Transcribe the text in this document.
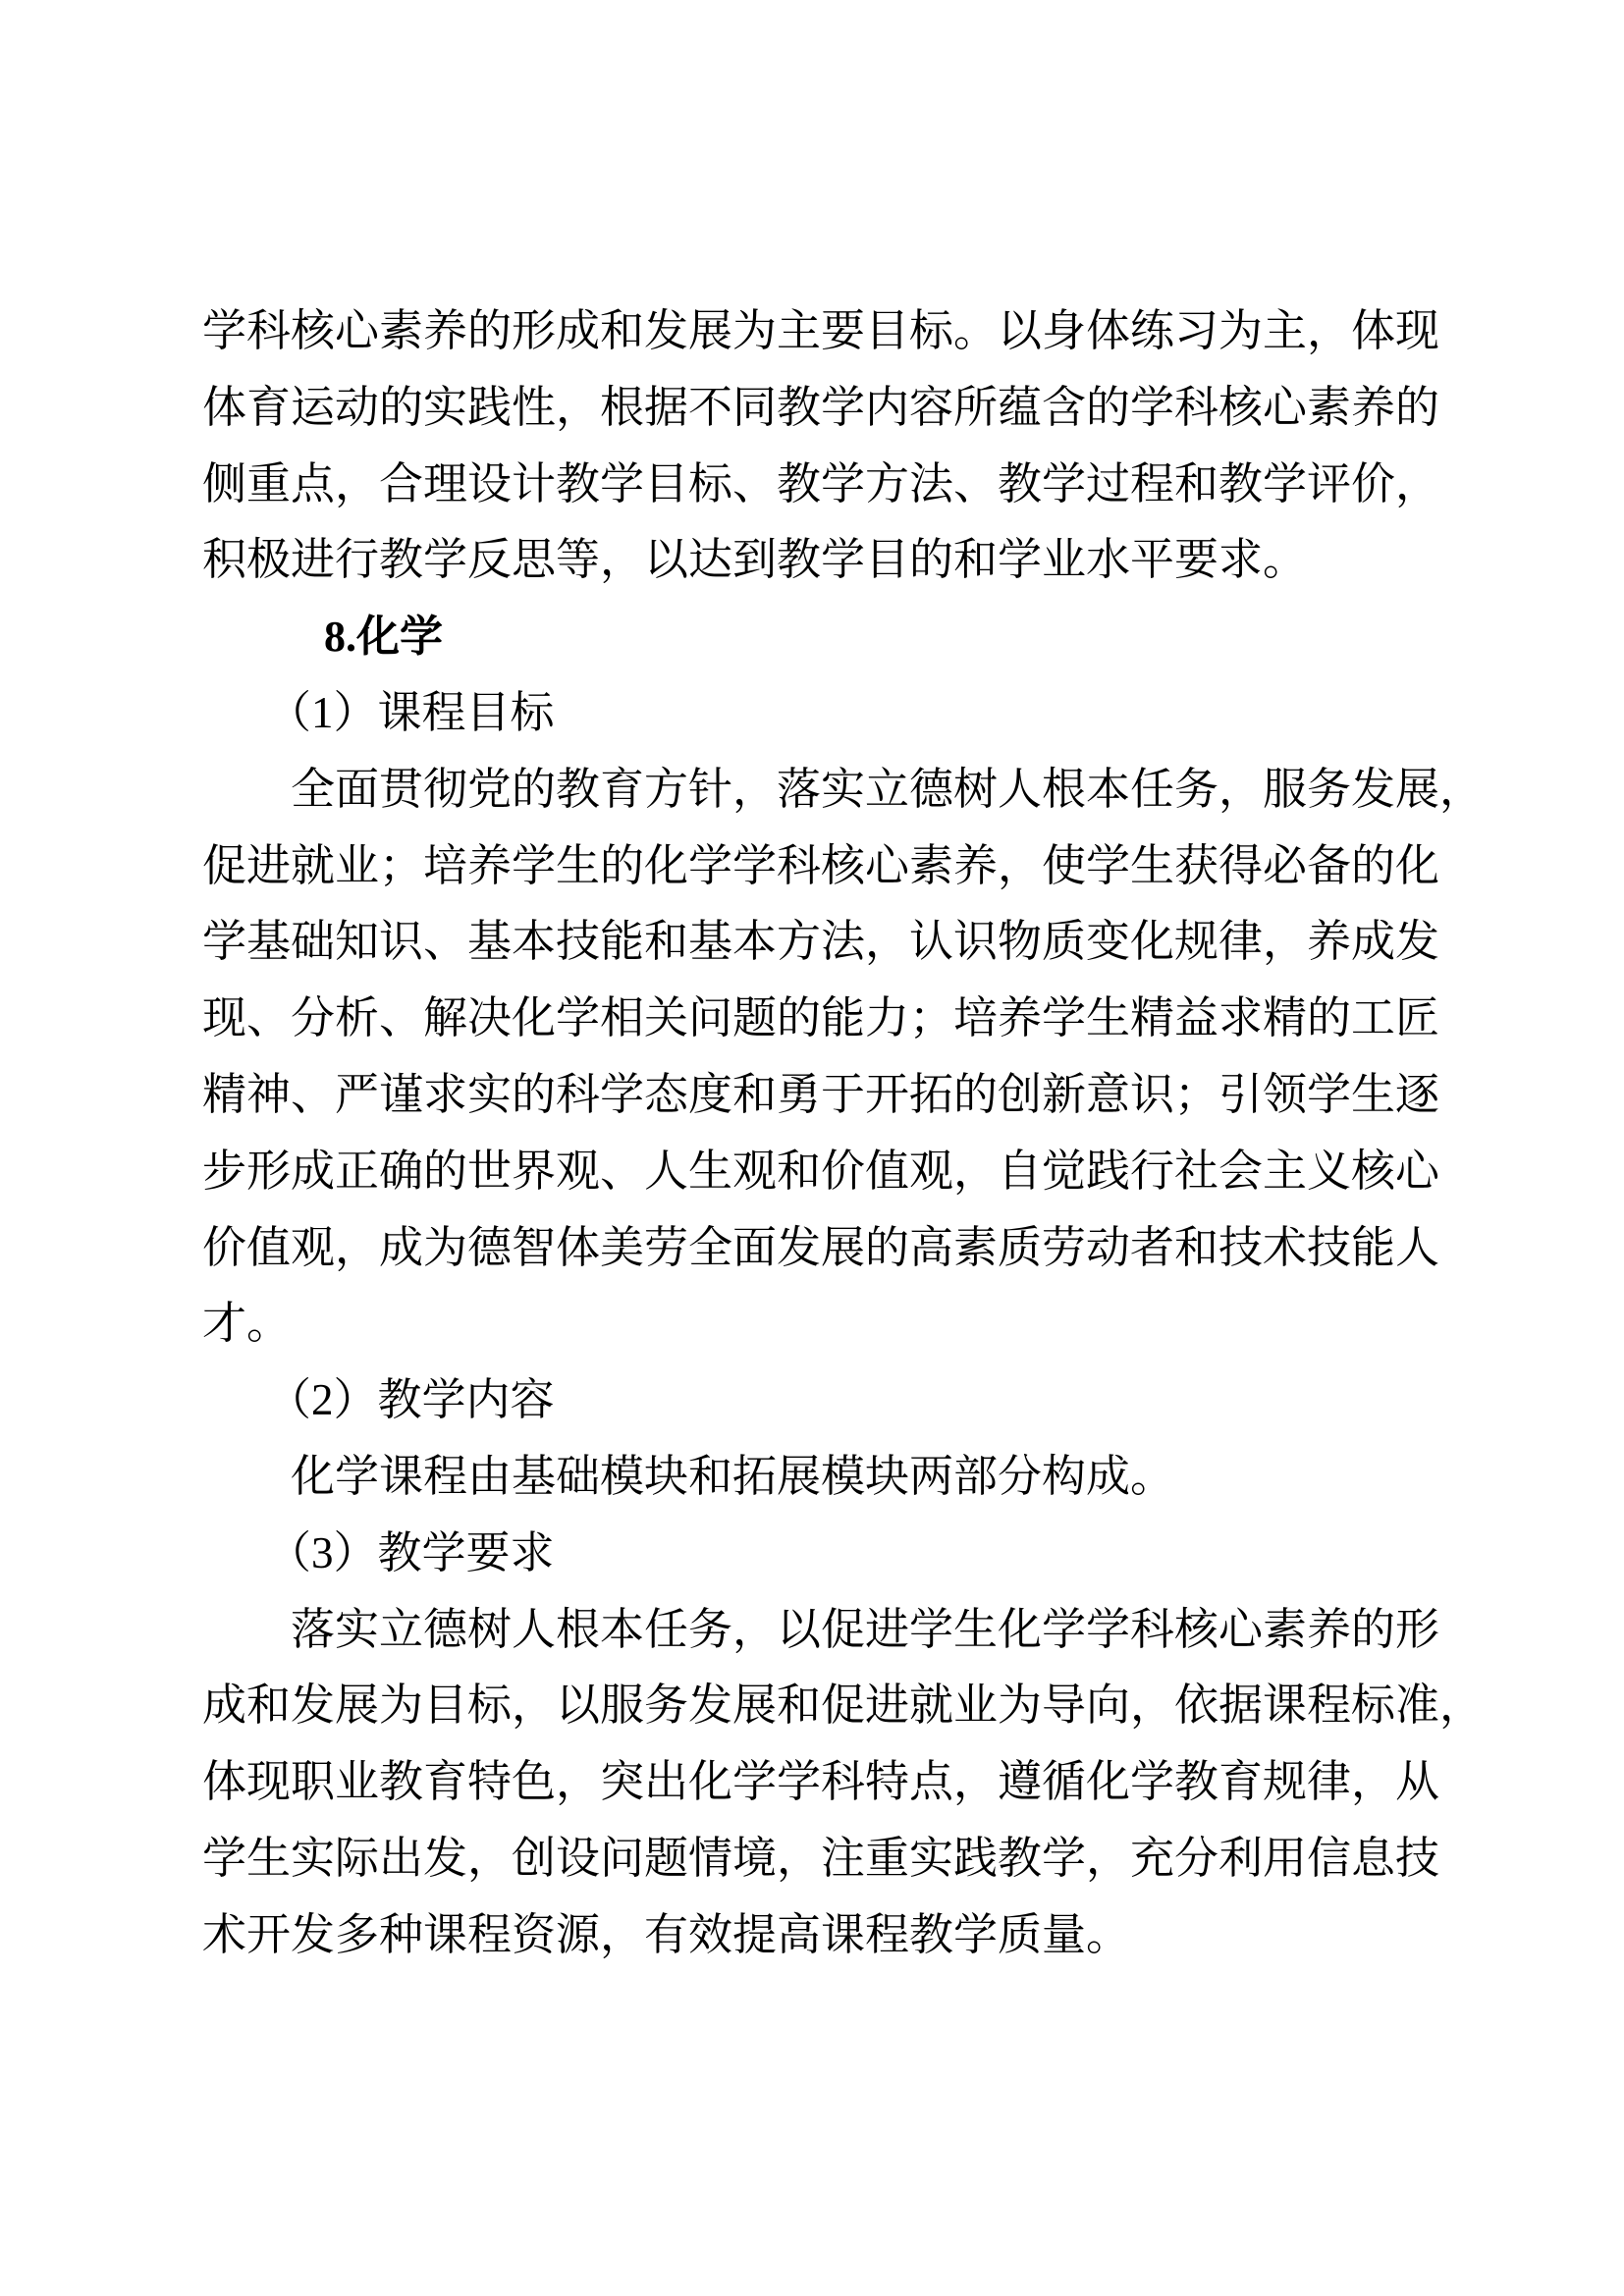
学科核心素养的形成和发展为主要目标。以身体练习为主，体现
体育运动的实践性，根据不同教学内容所蕴含的学科核心素养的
侧重点，合理设计教学目标、教学方法、教学过程和教学评价，
积极进行教学反思等，以达到教学目的和学业水平要求。
8.化学
（1）课程目标
全面贯彻党的教育方针，落实立德树人根本任务，服务发展，
促进就业；培养学生的化学学科核心素养，使学生获得必备的化
学基础知识、基本技能和基本方法，认识物质变化规律，养成发
现、分析、解决化学相关问题的能力；培养学生精益求精的工匠
精神、严谨求实的科学态度和勇于开拓的创新意识；引领学生逐
步形成正确的世界观、人生观和价值观，自觉践行社会主义核心
价值观，成为德智体美劳全面发展的高素质劳动者和技术技能人
才。
（2）教学内容
化学课程由基础模块和拓展模块两部分构成。
（3）教学要求
落实立德树人根本任务，以促进学生化学学科核心素养的形
成和发展为目标，以服务发展和促进就业为导向，依据课程标准，
体现职业教育特色，突出化学学科特点，遵循化学教育规律，从
学生实际出发，创设问题情境，注重实践教学，充分利用信息技
术开发多种课程资源，有效提高课程教学质量。
